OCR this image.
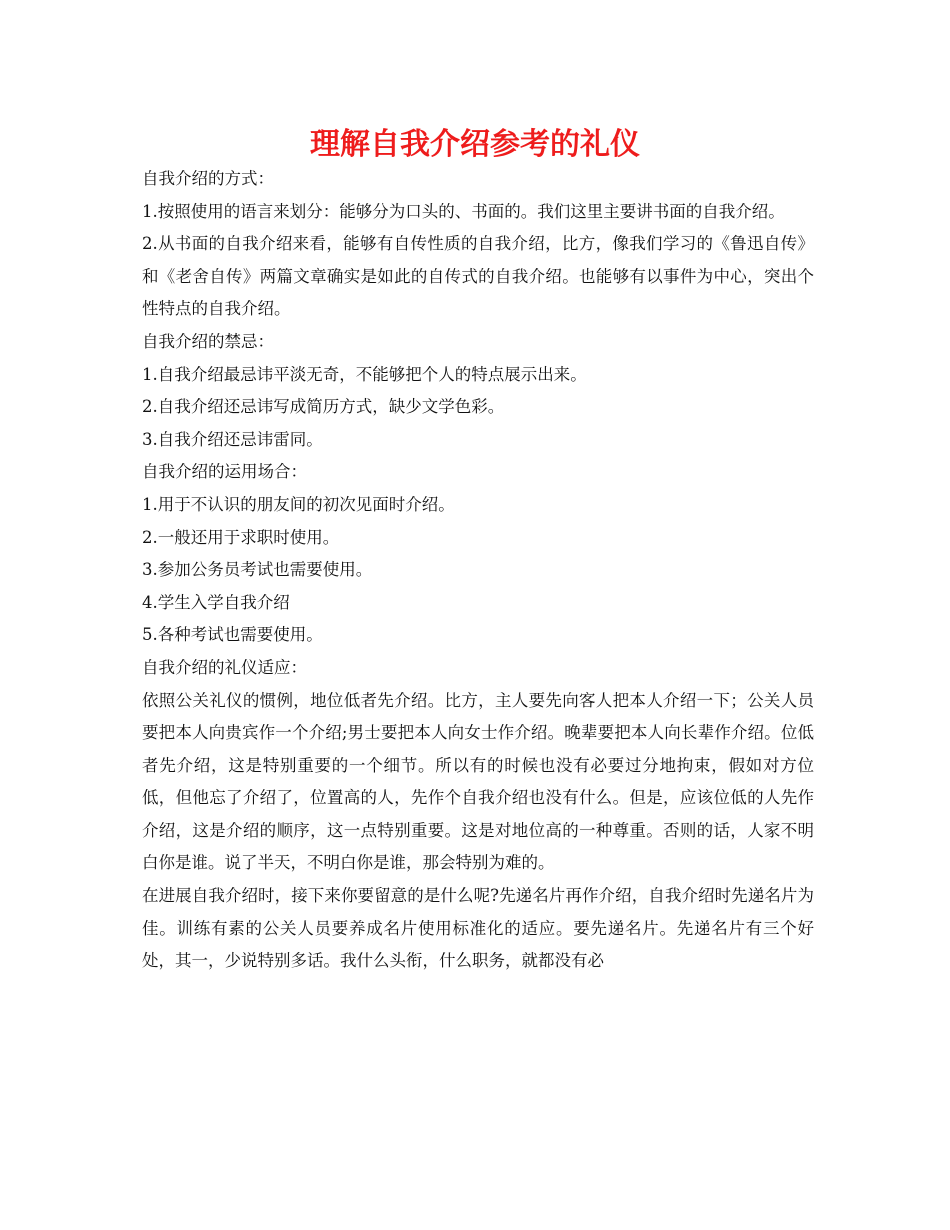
理解自我介绍参考的礼仪

自我介绍的方式：

1.按照使用的语言来划分：能够分为口头的、书面的。我们这里主要讲书面的自我介绍。

2.从书面的自我介绍来看，能够有自传性质的自我介绍，比方，像我们学习的《鲁迅自传》和《老舍自传》两篇文章确实是如此的自传式的自我介绍。也能够有以事件为中心，突出个性特点的自我介绍。

自我介绍的禁忌：

1.自我介绍最忌讳平淡无奇，不能够把个人的特点展示出来。

2.自我介绍还忌讳写成简历方式，缺少文学色彩。

3.自我介绍还忌讳雷同。

自我介绍的运用场合：

1.用于不认识的朋友间的初次见面时介绍。

2.一般还用于求职时使用。

3.参加公务员考试也需要使用。

4.学生入学自我介绍

5.各种考试也需要使用。

自我介绍的礼仪适应：

依照公关礼仪的惯例，地位低者先介绍。比方，主人要先向客人把本人介绍一下；公关人员要把本人向贵宾作一个介绍;男士要把本人向女士作介绍。晚辈要把本人向长辈作介绍。位低者先介绍，这是特别重要的一个细节。所以有的时候也没有必要过分地拘束，假如对方位低，但他忘了介绍了，位置高的人，先作个自我介绍也没有什么。但是，应该位低的人先作介绍，这是介绍的顺序，这一点特别重要。这是对地位高的一种尊重。否则的话，人家不明白你是谁。说了半天，不明白你是谁，那会特别为难的。

在进展自我介绍时，接下来你要留意的是什么呢?先递名片再作介绍，自我介绍时先递名片为佳。训练有素的公关人员要养成名片使用标准化的适应。要先递名片。先递名片有三个好处，其一，少说特别多话。我什么头衔，什么职务，就都没有必
